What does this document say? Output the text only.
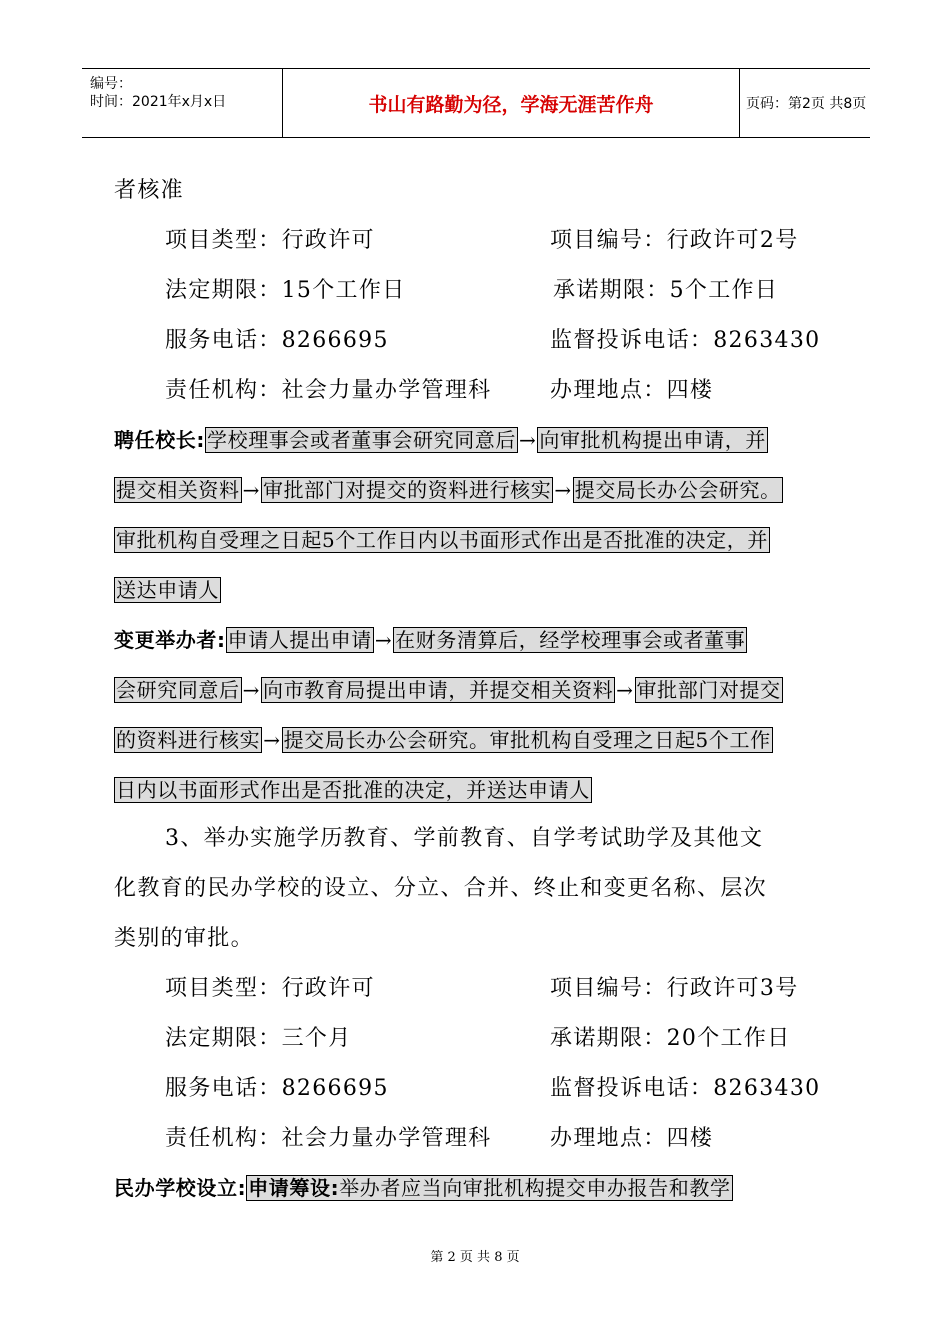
编号：
时间：2021年x月x日	书山有路勤为径，学海无涯苦作舟	页码：第2页 共8页
者核准
项目类型：行政许可	项目编号：行政许可2号
法定期限：15个工作日	承诺期限：5个工作日
服务电话：8266695	监督投诉电话：8263430
责任机构：社会力量办学管理科	办理地点：四楼
聘任校长: 学校理事会或者董事会研究同意后 → 向审批机构提出申请，并
提交相关资料 → 审批部门对提交的资料进行核实 → 提交局长办公会研究。
审批机构自受理之日起5个工作日内以书面形式作出是否批准的决定，并
送达申请人
变更举办者: 申请人提出申请 → 在财务清算后，经学校理事会或者董事
会研究同意后 → 向市教育局提出申请，并提交相关资料 → 审批部门对提交
的资料进行核实 → 提交局长办公会研究。审批机构自受理之日起5个工作
日内以书面形式作出是否批准的决定，并送达申请人
3、举办实施学历教育、学前教育、自学考试助学及其他文
化教育的民办学校的设立、分立、合并、终止和变更名称、层次
类别的审批。
项目类型：行政许可	项目编号：行政许可3号
法定期限：三个月	承诺期限：20个工作日
服务电话：8266695	监督投诉电话：8263430
责任机构：社会力量办学管理科	办理地点：四楼
民办学校设立: 申请筹设:举办者应当向审批机构提交申办报告和教学
第 2 页 共 8 页
